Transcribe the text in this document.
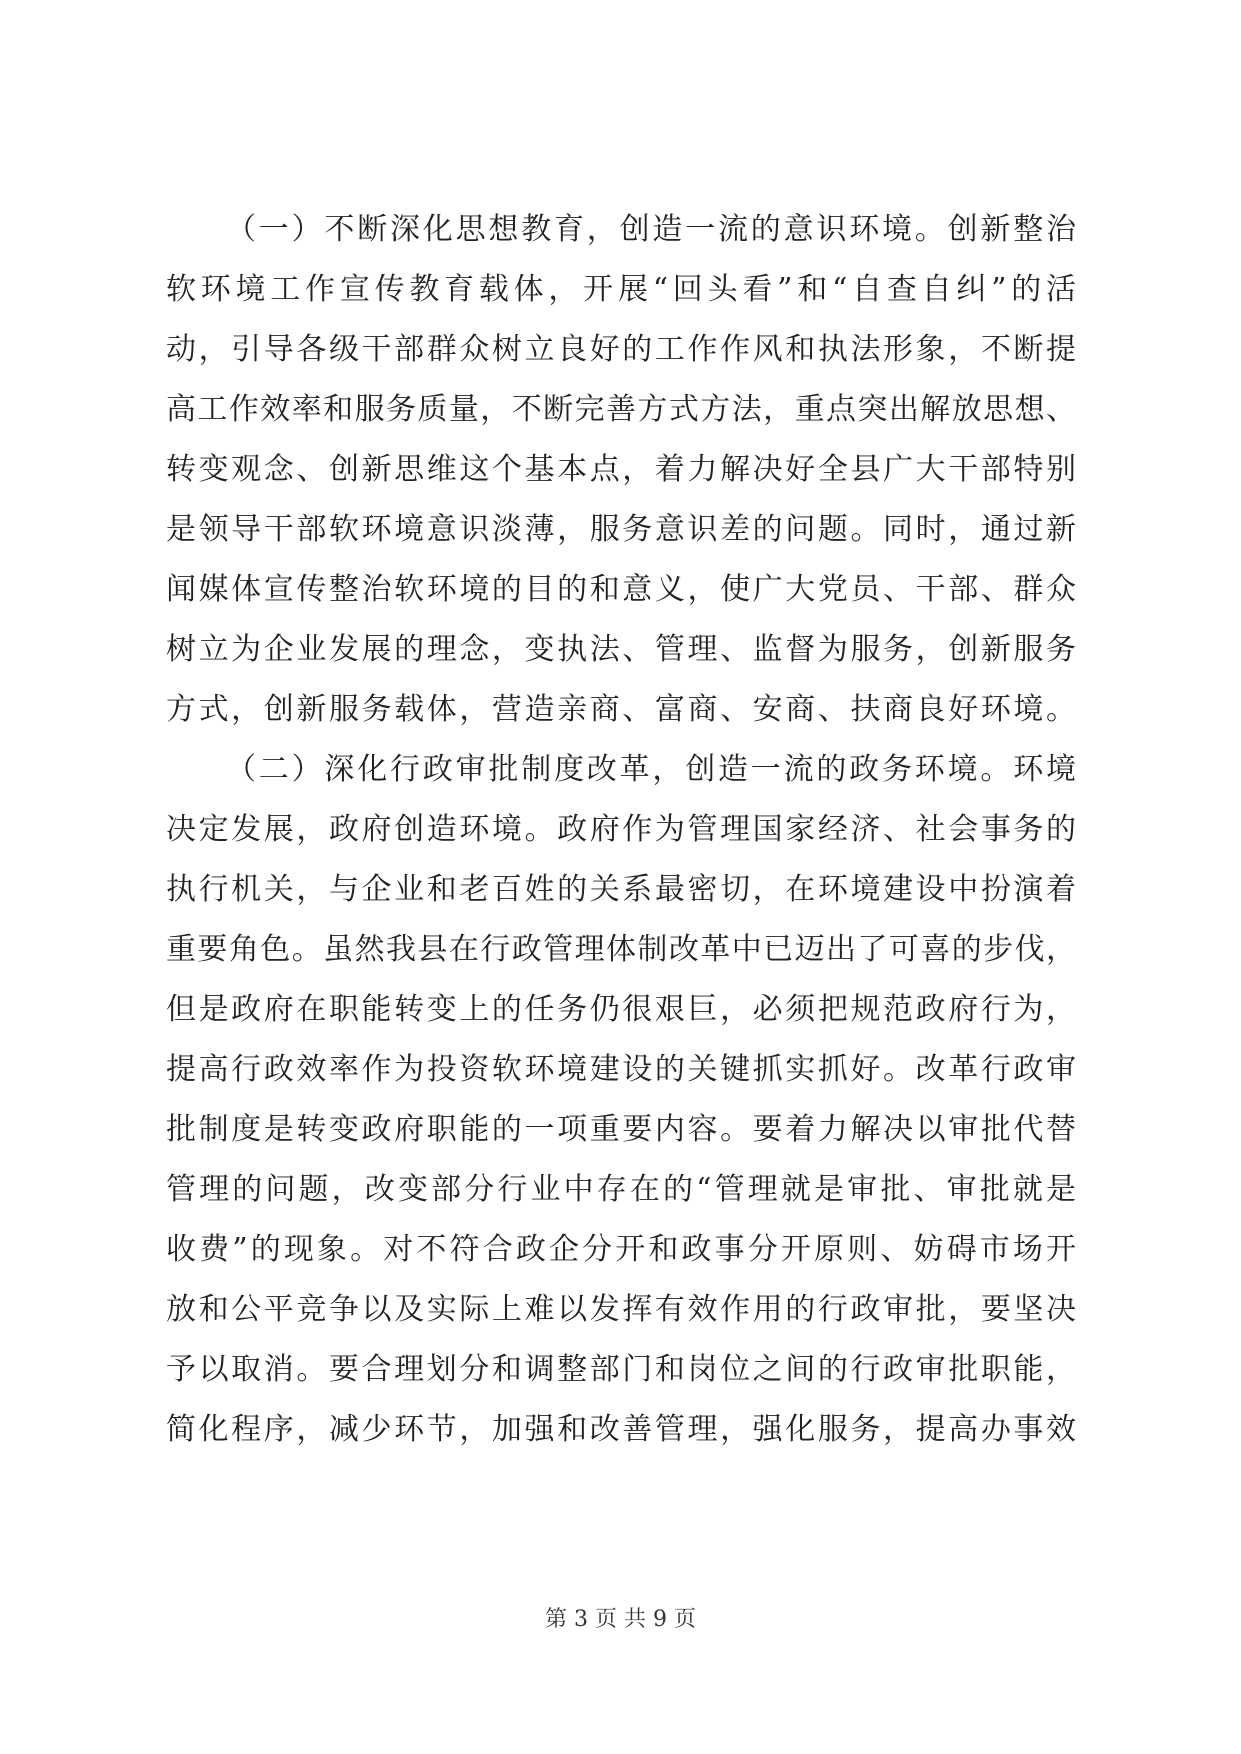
（一）不断深化思想教育，创造一流的意识环境。创新整治
软环境工作宣传教育载体，开展“回头看”和“自查自纠”的活
动，引导各级干部群众树立良好的工作作风和执法形象，不断提
高工作效率和服务质量，不断完善方式方法，重点突出解放思想、
转变观念、创新思维这个基本点，着力解决好全县广大干部特别
是领导干部软环境意识淡薄，服务意识差的问题。同时，通过新
闻媒体宣传整治软环境的目的和意义，使广大党员、干部、群众
树立为企业发展的理念，变执法、管理、监督为服务，创新服务
方式，创新服务载体，营造亲商、富商、安商、扶商良好环境。
（二）深化行政审批制度改革，创造一流的政务环境。环境
决定发展，政府创造环境。政府作为管理国家经济、社会事务的
执行机关，与企业和老百姓的关系最密切，在环境建设中扮演着
重要角色。虽然我县在行政管理体制改革中已迈出了可喜的步伐，
但是政府在职能转变上的任务仍很艰巨，必须把规范政府行为，
提高行政效率作为投资软环境建设的关键抓实抓好。改革行政审
批制度是转变政府职能的一项重要内容。要着力解决以审批代替
管理的问题，改变部分行业中存在的“管理就是审批、审批就是
收费”的现象。对不符合政企分开和政事分开原则、妨碍市场开
放和公平竞争以及实际上难以发挥有效作用的行政审批，要坚决
予以取消。要合理划分和调整部门和岗位之间的行政审批职能，
简化程序，减少环节，加强和改善管理，强化服务，提高办事效
第 3 页 共 9 页
